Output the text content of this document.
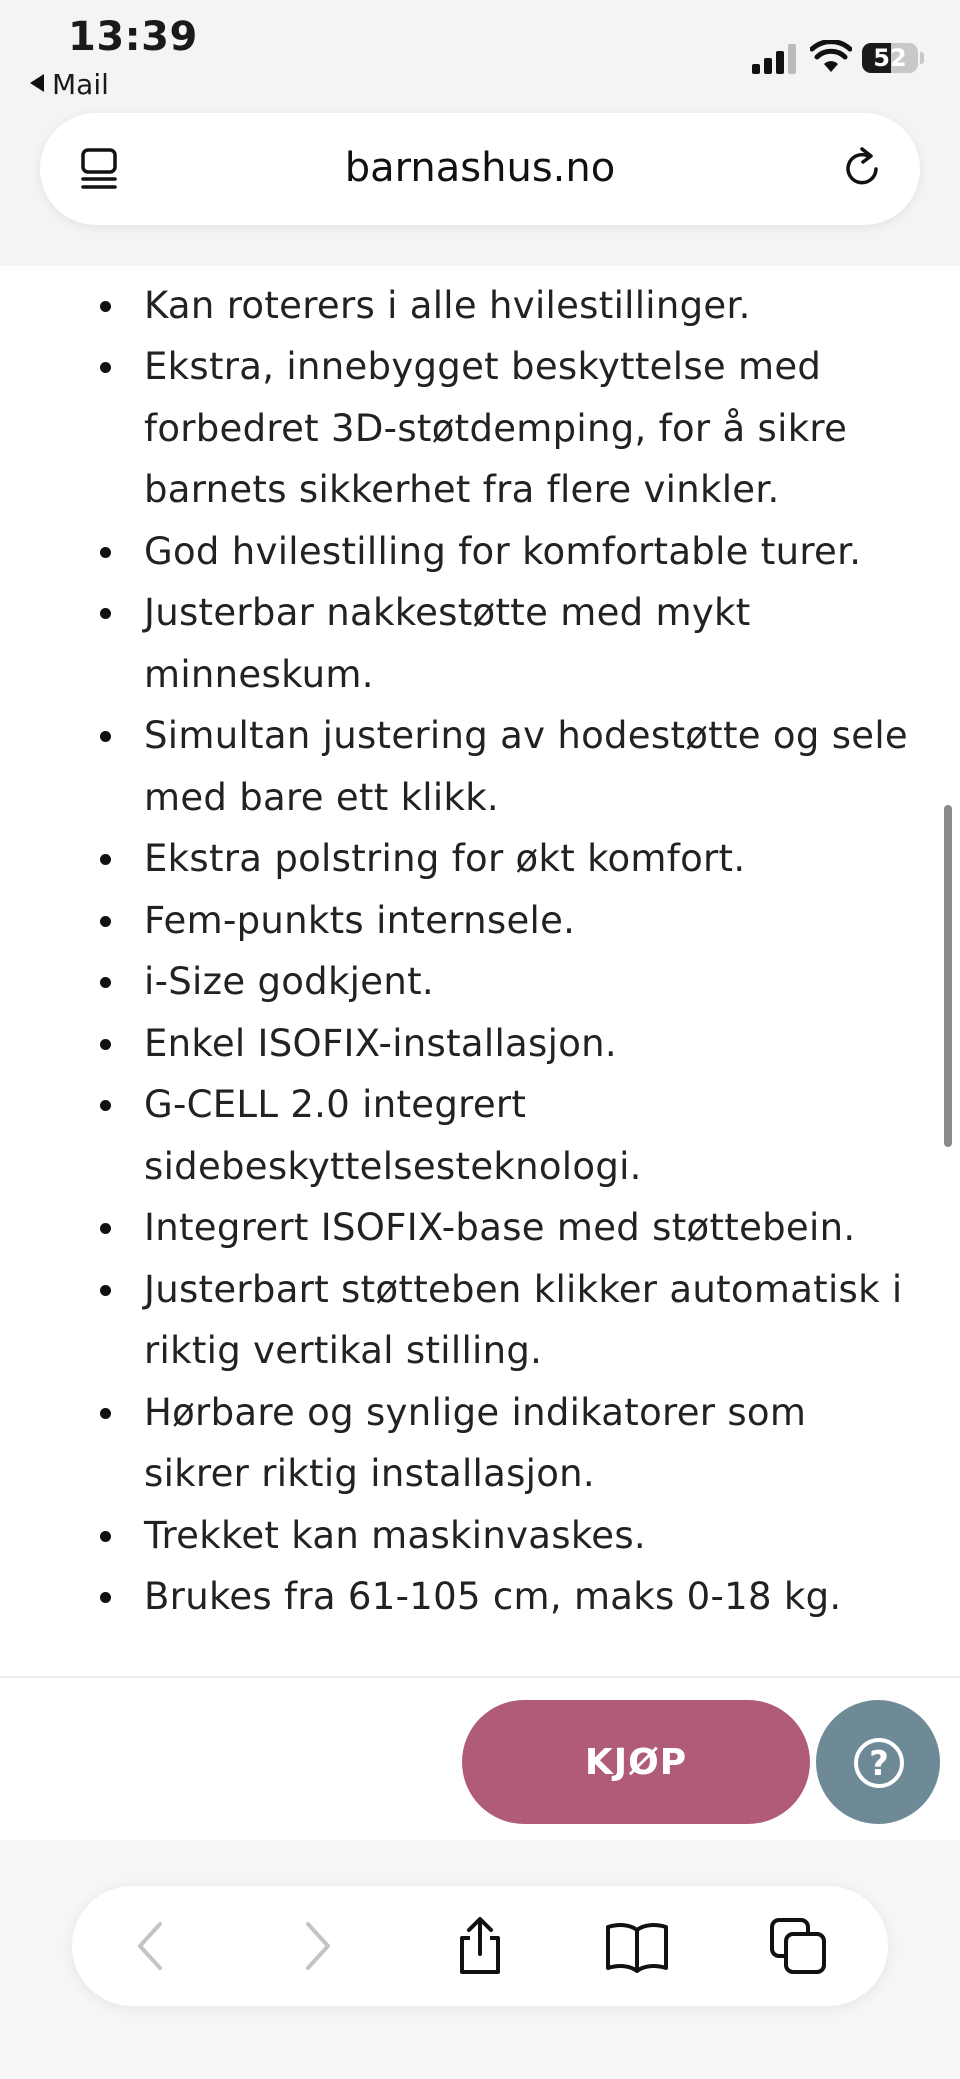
13:39
Mail
52
barnashus.no
Kan roterers i alle hvilestillinger.
Ekstra, innebygget beskyttelse med forbedret 3D-støtdemping, for å sikre barnets sikkerhet fra flere vinkler.
God hvilestilling for komfortable turer.
Justerbar nakkestøtte med mykt minneskum.
Simultan justering av hodestøtte og sele med bare ett klikk.
Ekstra polstring for økt komfort.
Fem-punkts internsele.
i-Size godkjent.
Enkel ISOFIX-installasjon.
G-CELL 2.0 integrert sidebeskyttelsesteknologi.
Integrert ISOFIX-base med støttebein.
Justerbart støtteben klikker automatisk i riktig vertikal stilling.
Hørbare og synlige indikatorer som sikrer riktig installasjon.
Trekket kan maskinvaskes.
Brukes fra 61-105 cm, maks 0-18 kg.
KJØP	?
